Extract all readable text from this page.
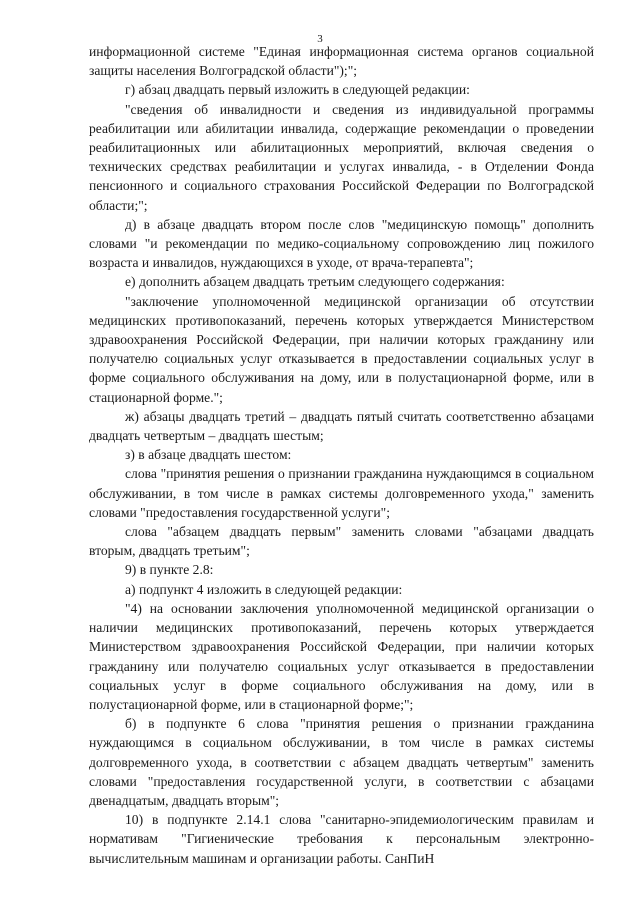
3

информационной системе "Единая информационная система органов социальной защиты населения Волгоградской области");";

г) абзац двадцать первый изложить в следующей редакции:

"сведения об инвалидности и сведения из индивидуальной программы реабилитации или абилитации инвалида, содержащие рекомендации о проведении реабилитационных или абилитационных мероприятий, включая сведения о технических средствах реабилитации и услугах инвалида, - в Отделении Фонда пенсионного и социального страхования Российской Федерации по Волгоградской области;";

д) в абзаце двадцать втором после слов "медицинскую помощь" дополнить словами "и рекомендации по медико-социальному сопровождению лиц пожилого возраста и инвалидов, нуждающихся в уходе, от врача-терапевта";

е) дополнить абзацем двадцать третьим следующего содержания:

"заключение уполномоченной медицинской организации об отсутствии медицинских противопоказаний, перечень которых утверждается Министерством здравоохранения Российской Федерации, при наличии которых гражданину или получателю социальных услуг отказывается в предоставлении социальных услуг в форме социального обслуживания на дому, или в полустационарной форме, или в стационарной форме.";

ж) абзацы двадцать третий – двадцать пятый считать соответственно абзацами двадцать четвертым – двадцать шестым;

з) в абзаце двадцать шестом:

слова "принятия решения о признании гражданина нуждающимся в социальном обслуживании, в том числе в рамках системы долговременного ухода," заменить словами "предоставления государственной услуги";

слова "абзацем двадцать первым" заменить словами "абзацами двадцать вторым, двадцать третьим";

9) в пункте 2.8:

а) подпункт 4 изложить в следующей редакции:

"4) на основании заключения уполномоченной медицинской организации о наличии медицинских противопоказаний, перечень которых утверждается Министерством здравоохранения Российской Федерации, при наличии которых гражданину или получателю социальных услуг отказывается в предоставлении социальных услуг в форме социального обслуживания на дому, или в полустационарной форме, или в стационарной форме;";

б) в подпункте 6 слова "принятия решения о признании гражданина нуждающимся в социальном обслуживании, в том числе в рамках системы долговременного ухода, в соответствии с абзацем двадцать четвертым" заменить словами "предоставления государственной услуги, в соответствии с абзацами двенадцатым, двадцать вторым";

10) в подпункте 2.14.1 слова "санитарно-эпидемиологическим правилам и нормативам "Гигиенические требования к персональным электронно-вычислительным машинам и организации работы. СанПиН
